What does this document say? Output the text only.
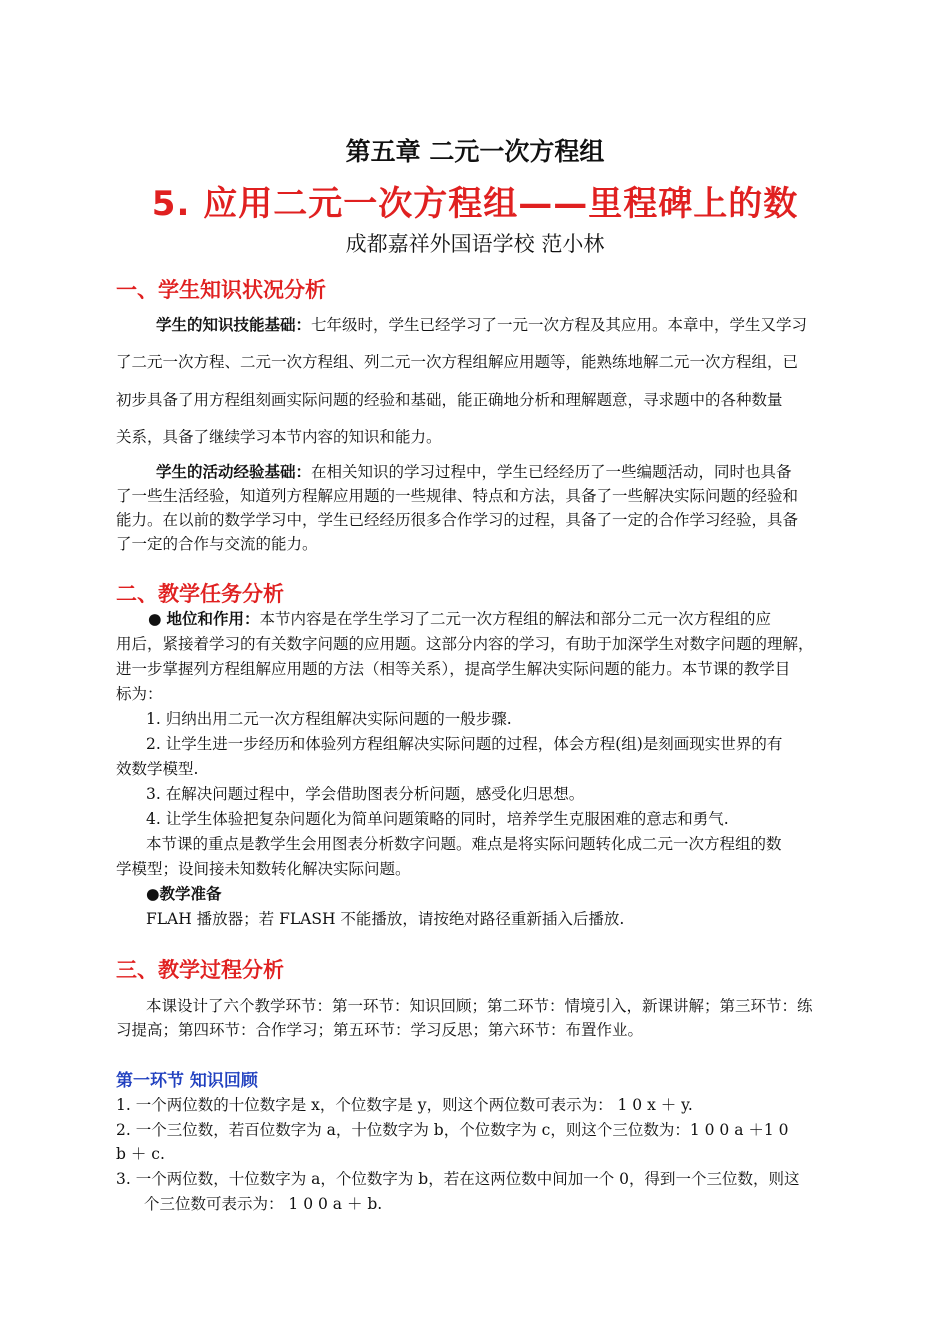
第五章 二元一次方程组
5. 应用二元一次方程组——里程碑上的数
成都嘉祥外国语学校 范小林
一、学生知识状况分析
学生的知识技能基础：七年级时，学生已经学习了一元一次方程及其应用。本章中，学生又学习
了二元一次方程、二元一次方程组、列二元一次方程组解应用题等，能熟练地解二元一次方程组，已
初步具备了用方程组刻画实际问题的经验和基础，能正确地分析和理解题意，寻求题中的各种数量
关系，具备了继续学习本节内容的知识和能力。
学生的活动经验基础：在相关知识的学习过程中，学生已经经历了一些编题活动，同时也具备
了一些生活经验，知道列方程解应用题的一些规律、特点和方法，具备了一些解决实际问题的经验和
能力。在以前的数学学习中，学生已经经历很多合作学习的过程，具备了一定的合作学习经验，具备
了一定的合作与交流的能力。
二、教学任务分析
● 地位和作用：本节内容是在学生学习了二元一次方程组的解法和部分二元一次方程组的应
用后，紧接着学习的有关数字问题的应用题。这部分内容的学习，有助于加深学生对数字问题的理解，
进一步掌握列方程组解应用题的方法（相等关系），提高学生解决实际问题的能力。本节课的教学目
标为：
1. 归纳出用二元一次方程组解决实际问题的一般步骤.
2. 让学生进一步经历和体验列方程组解决实际问题的过程，体会方程(组)是刻画现实世界的有
效数学模型.
3. 在解决问题过程中，学会借助图表分析问题，感受化归思想。
4. 让学生体验把复杂问题化为简单问题策略的同时，培养学生克服困难的意志和勇气.
本节课的重点是教学生会用图表分析数字问题。难点是将实际问题转化成二元一次方程组的数
学模型；设间接未知数转化解决实际问题。
●教学准备
FLAH 播放器；若 FLASH 不能播放，请按绝对路径重新插入后播放.
三、教学过程分析
本课设计了六个教学环节：第一环节：知识回顾；第二环节：情境引入，新课讲解；第三环节：练
习提高；第四环节：合作学习；第五环节：学习反思；第六环节：布置作业。
第一环节 知识回顾
1. 一个两位数的十位数字是 x，个位数字是 y，则这个两位数可表示为： 1 0 x ＋ y.
2. 一个三位数，若百位数字为 a，十位数字为 b，个位数字为 c，则这个三位数为：1 0 0 a ＋1 0
b ＋ c.
3. 一个两位数，十位数字为 a，个位数字为 b，若在这两位数中间加一个 0，得到一个三位数，则这
个三位数可表示为： 1 0 0 a ＋ b.
